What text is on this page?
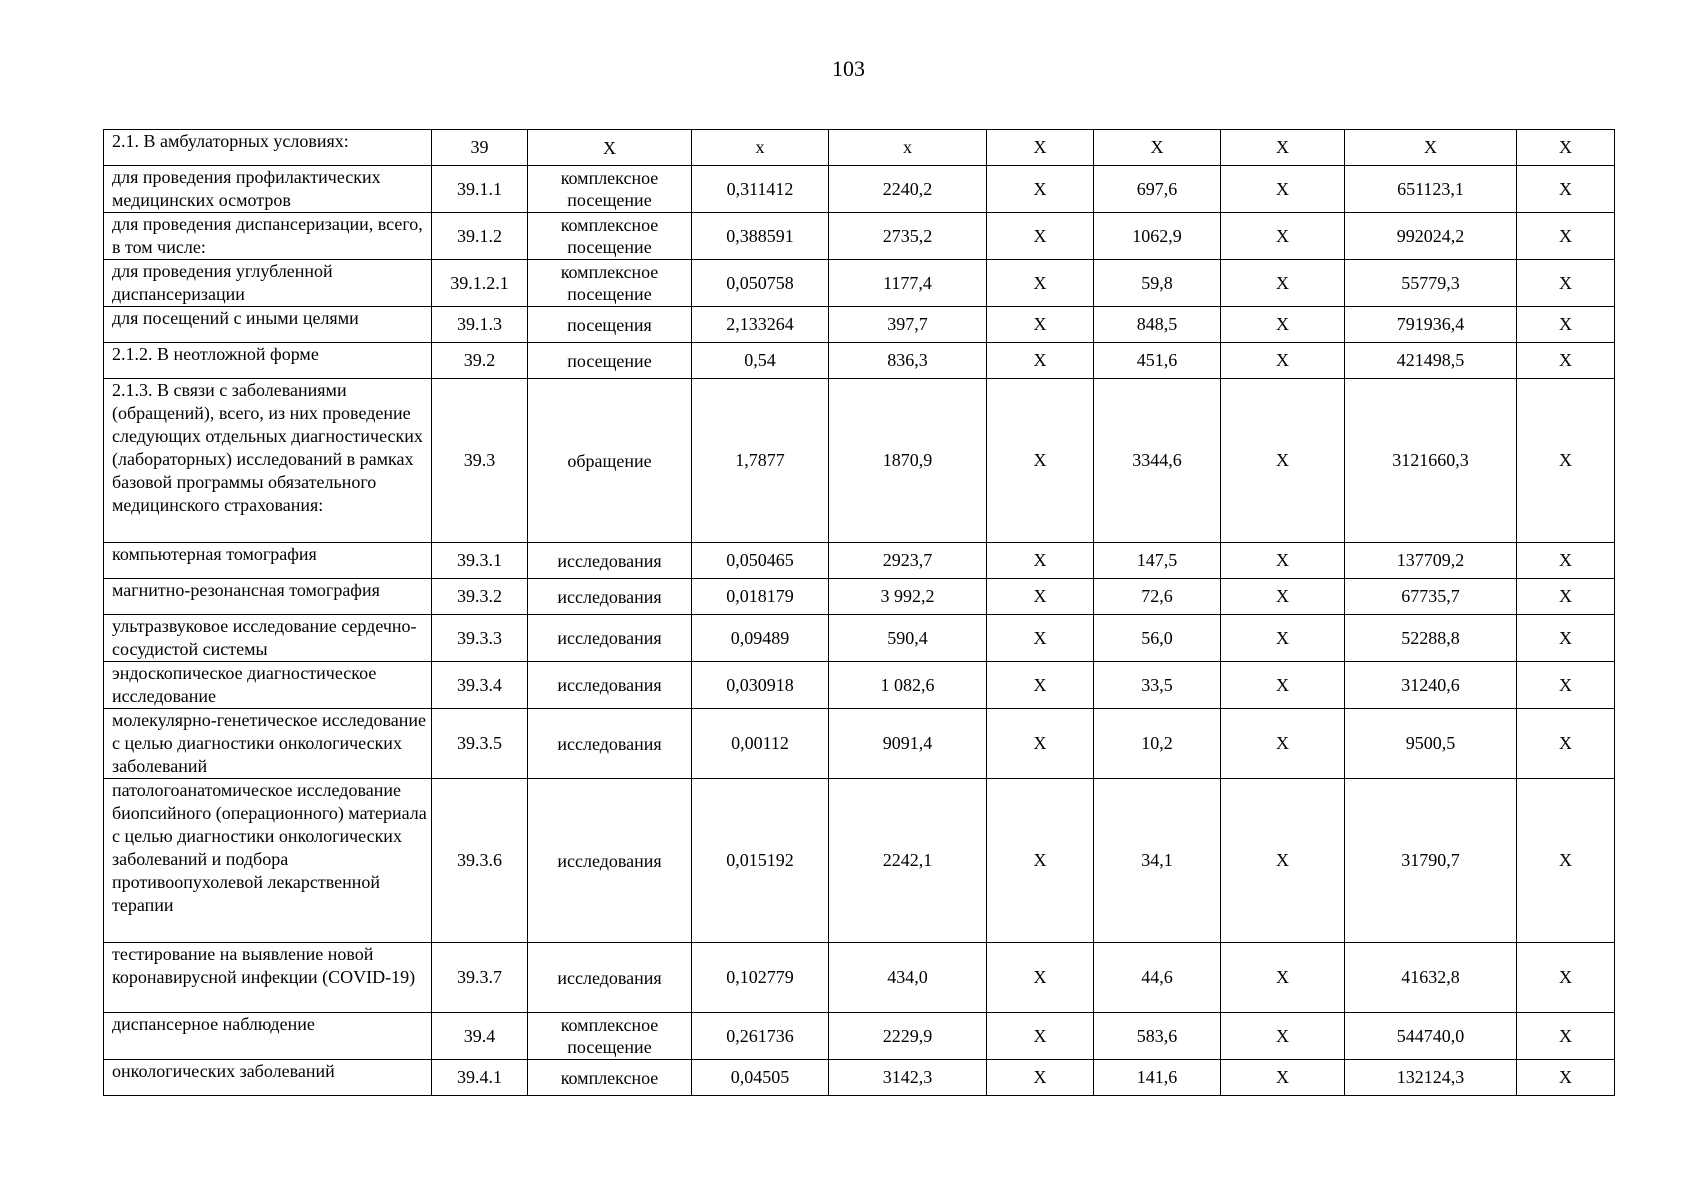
103
2.1. В амбулаторных условиях:	39	Х	х	х	Х	Х	Х	Х	Х
для проведения профилактических медицинских осмотров	39.1.1	комплексное посещение	0,311412	2240,2	Х	697,6	Х	651123,1	Х
для проведения диспансеризации, всего, в том числе:	39.1.2	комплексное посещение	0,388591	2735,2	Х	1062,9	Х	992024,2	Х
для проведения углубленной диспансеризации	39.1.2.1	комплексное посещение	0,050758	1177,4	Х	59,8	Х	55779,3	Х
для посещений с иными целями	39.1.3	посещения	2,133264	397,7	Х	848,5	Х	791936,4	Х
2.1.2. В неотложной форме	39.2	посещение	0,54	836,3	Х	451,6	Х	421498,5	Х
2.1.3. В связи с заболеваниями (обращений), всего, из них проведение следующих отдельных диагностических (лабораторных) исследований в рамках базовой программы обязательного медицинского страхования:	39.3	обращение	1,7877	1870,9	Х	3344,6	Х	3121660,3	Х
компьютерная томография	39.3.1	исследования	0,050465	2923,7	Х	147,5	Х	137709,2	Х
магнитно-резонансная томография	39.3.2	исследования	0,018179	3 992,2	Х	72,6	Х	67735,7	Х
ультразвуковое исследование сердечно-сосудистой системы	39.3.3	исследования	0,09489	590,4	Х	56,0	Х	52288,8	Х
эндоскопическое диагностическое исследование	39.3.4	исследования	0,030918	1 082,6	Х	33,5	Х	31240,6	Х
молекулярно-генетическое исследование с целью диагностики онкологических заболеваний	39.3.5	исследования	0,00112	9091,4	Х	10,2	Х	9500,5	Х
патологоанатомическое исследование биопсийного (операционного) материала с целью диагностики онкологических заболеваний и подбора противоопухолевой лекарственной терапии	39.3.6	исследования	0,015192	2242,1	Х	34,1	Х	31790,7	Х
тестирование на выявление новой коронавирусной инфекции (COVID-19)	39.3.7	исследования	0,102779	434,0	Х	44,6	Х	41632,8	Х
диспансерное наблюдение	39.4	комплексное посещение	0,261736	2229,9	Х	583,6	Х	544740,0	Х
онкологических заболеваний	39.4.1	комплексное	0,04505	3142,3	Х	141,6	Х	132124,3	Х
